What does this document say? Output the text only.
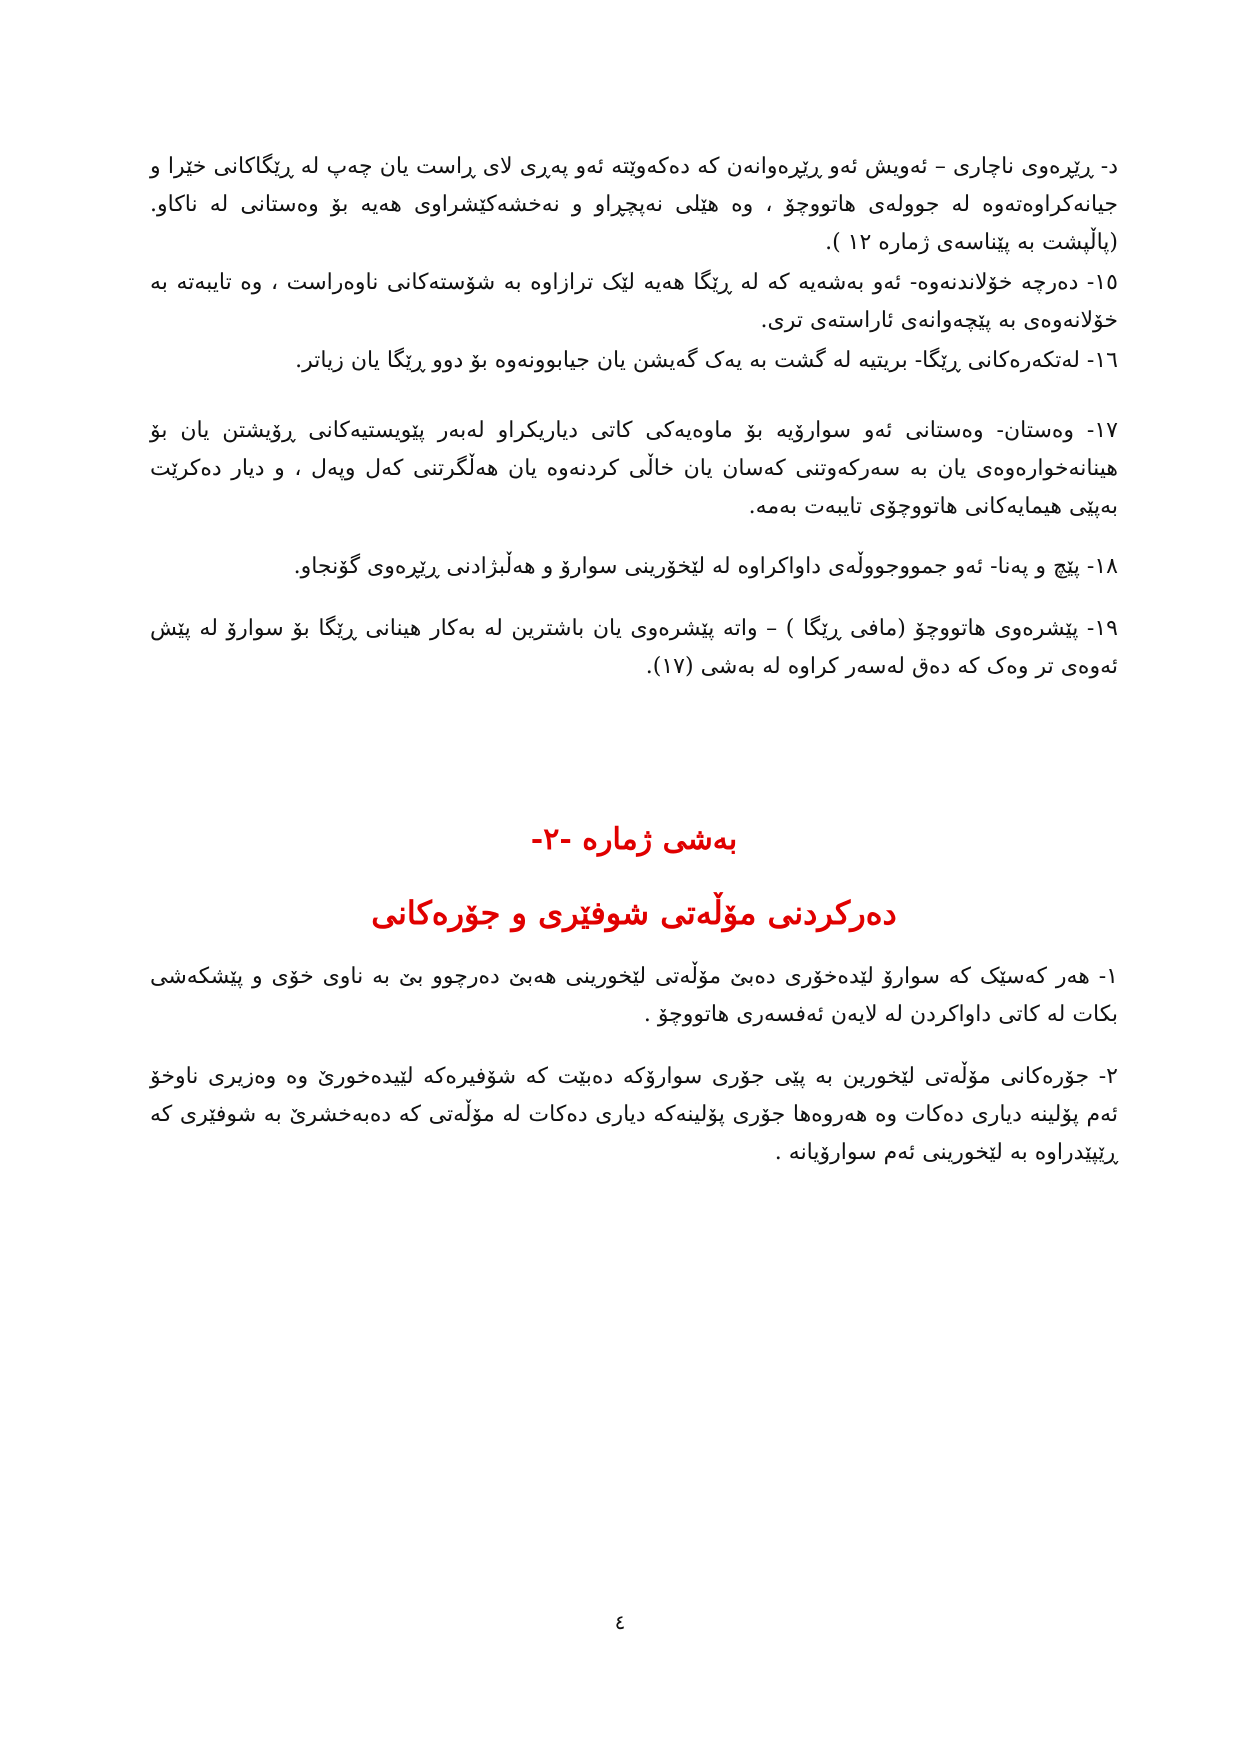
د- ڕێڕەوی ناچاری – ئەویش ئەو ڕێڕەوانەن کە دەکەوێتە ئەو پەڕی لای ڕاست یان چەپ لە ڕێگاکانی خێرا و جیانەکراوەتەوە لە جوولەی هاتووچۆ ، وە هێلی نەپچڕاو و نەخشەکێشراوی هەیە بۆ وەستانی لە ناکاو. (پاڵپشت بە پێناسەی ژمارە ١٢ ).

١٥- دەرچە خۆلاندنەوە- ئەو بەشەیە کە لە ڕێگا هەیە لێک ترازاوە بە شۆستەکانی ناوەراست ، وە تایبەتە بە خۆلانەوەی بە پێچەوانەی ئاراستەی تری.

١٦- لەتکەرەکانی ڕێگا- بریتیە لە گشت بە یەک گەیشن یان جیابوونەوە بۆ دوو ڕێگا یان زیاتر.

١٧- وەستان- وەستانی ئەو سوارۆیە بۆ ماوەیەکی کاتی دیاریکراو لەبەر پێویستیەکانی ڕۆیشتن یان بۆ هینانەخوارەوەی یان بە سەرکەوتنی کەسان یان خاڵی کردنەوە یان هەڵگرتنی کەل وپەل ، و دیار دەکرێت بەپێی هیمایەکانی هاتووچۆی تایبەت بەمە.

١٨- پێچ و پەنا- ئەو جمووجووڵەی داواکراوە لە لێخۆرینی سوارۆ و هەڵبژادنی ڕێڕەوی گۆنجاو.

١٩- پێشرەوی هاتووچۆ (مافی ڕێگا ) – واتە پێشرەوی یان باشترین لە بەکار هینانی ڕێگا بۆ سوارۆ لە پێش ئەوەی تر وەک کە دەق لەسەر کراوە لە بەشی (١٧).

بەشی ژمارە -٢-
دەرکردنی مۆڵەتی شوفێری و جۆرەکانی

١- هەر کەسێک کە سوارۆ لێدەخۆری دەبێ مۆڵەتی لێخورینی هەبێ دەرچوو بێ بە ناوی خۆی و پێشکەشی بکات لە کاتی داواکردن لە لایەن ئەفسەری هاتووچۆ .

٢- جۆرەکانی مۆڵەتی لێخورین بە پێی جۆری سوارۆکە دەبێت کە شۆفیرەکە لێیدەخورێ وە وەزیری ناوخۆ ئەم پۆلینە دیاری دەکات وە هەروەها جۆری پۆلینەکە دیاری دەکات لە مۆڵەتی کە دەبەخشرێ بە شوفێری کە ڕێپێدراوە بە لێخورینی ئەم سوارۆیانە .

٤
